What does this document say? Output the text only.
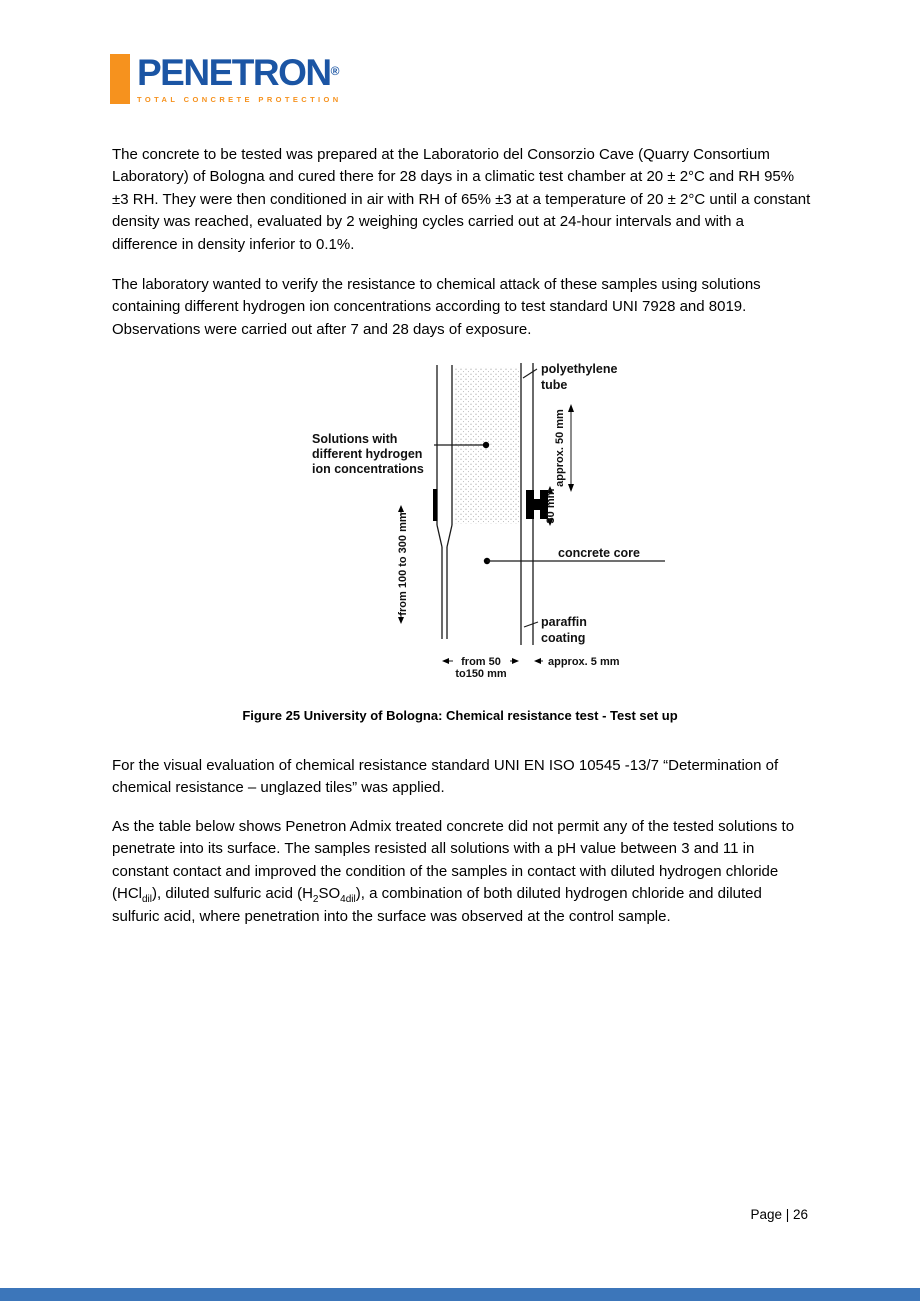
PENETRON®
TOTAL CONCRETE PROTECTION

The concrete to be tested was prepared at the Laboratorio del Consorzio Cave (Quarry Consortium Laboratory) of Bologna and cured there for 28 days in a climatic test chamber at 20 ± 2°C and RH 95% ±3 RH. They were then conditioned in air with RH of 65% ±3 at a temperature of 20 ± 2°C until a constant density was reached, evaluated by 2 weighing cycles carried out at 24-hour intervals and with a difference in density inferior to 0.1%.

The laboratory wanted to verify the resistance to chemical attack of these samples using solutions containing different hydrogen ion concentrations according to test standard UNI 7928 and 8019. Observations were carried out after 7 and 28 days of exposure.

polyethylene
tube
Solutions with
different hydrogen
ion concentrations	approx. 50 mm
30 mm
from 100 to 300 mm	concrete core
paraffin
coating
from 50
to150 mm
approx. 5 mm
Figure 25 University of Bologna: Chemical resistance test - Test set up

For the visual evaluation of chemical resistance standard UNI EN ISO 10545 -13/7 “Determination of chemical resistance – unglazed tiles” was applied.

As the table below shows Penetron Admix treated concrete did not permit any of the tested solutions to penetrate into its surface. The samples resisted all solutions with a pH value between 3 and 11 in constant contact and improved the condition of the samples in contact with diluted hydrogen chloride (HCl$_{dil}$), diluted sulfuric acid $(H_2SO_{4dil})$, a combination of both diluted hydrogen chloride and diluted sulfuric acid, where penetration into the surface was observed at the control sample.

Page | 26
